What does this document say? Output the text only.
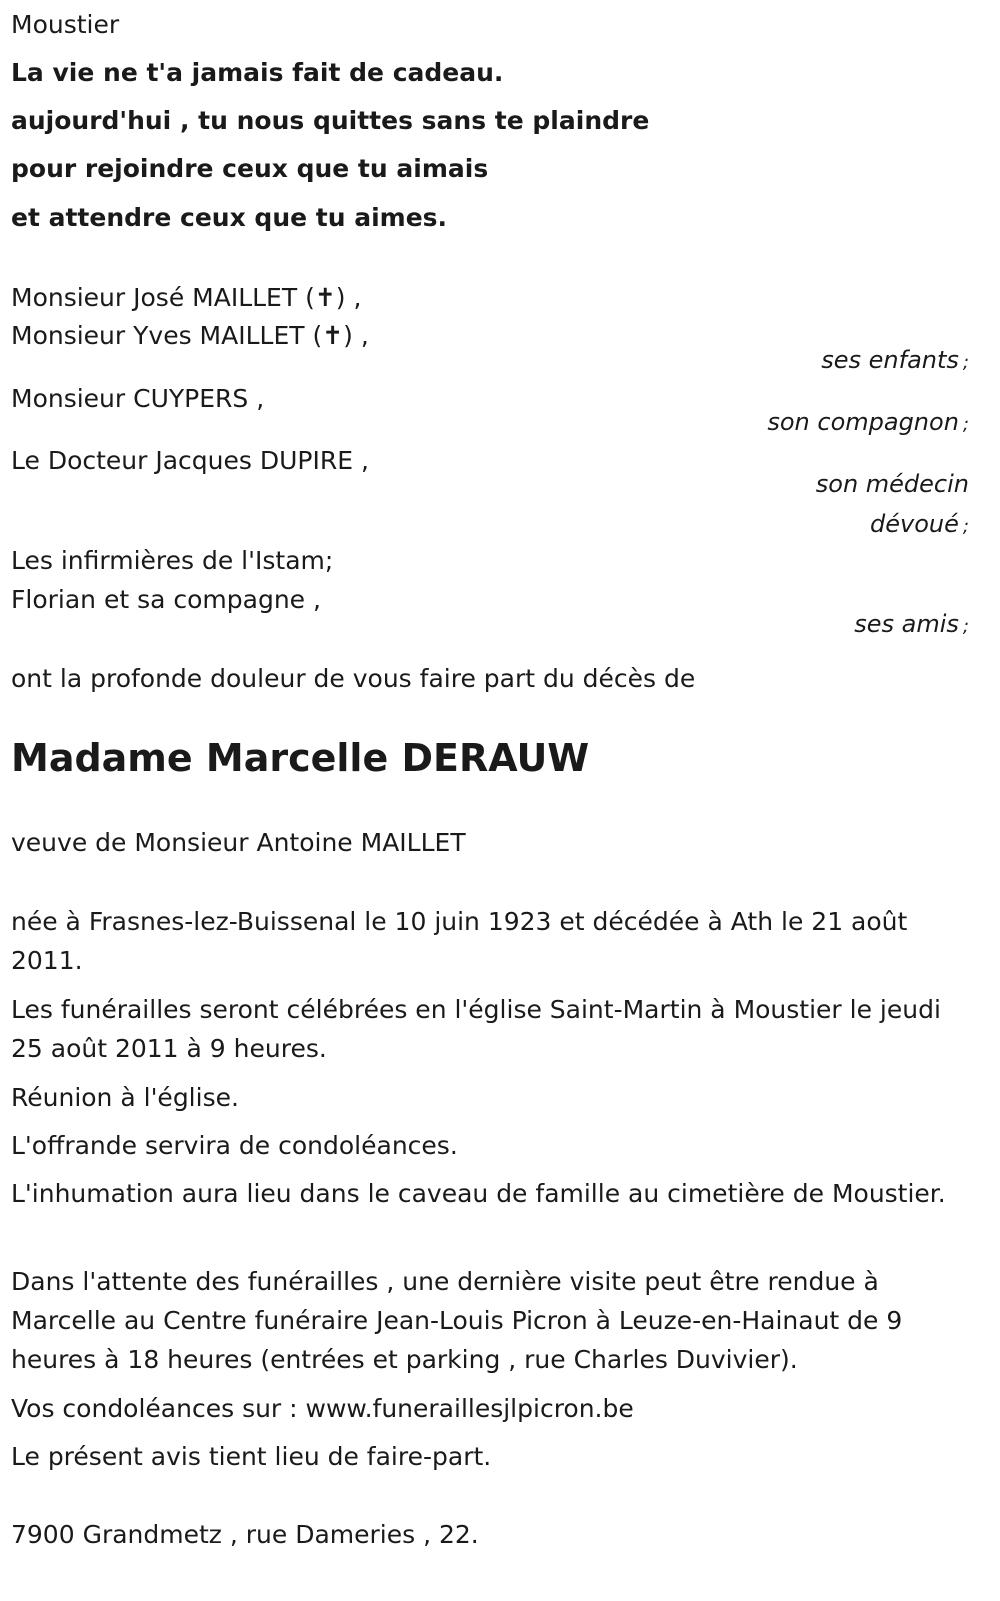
Moustier
La vie ne t'a jamais fait de cadeau.
aujourd'hui , tu nous quittes sans te plaindre
pour rejoindre ceux que tu aimais
et attendre ceux que tu aimes.
Monsieur José MAILLET (✝) ,
Monsieur Yves MAILLET (✝) ,
ses enfants ;
Monsieur CUYPERS ,
son compagnon ;
Le Docteur Jacques DUPIRE ,
son médecin
dévoué ;
Les infirmières de l'Istam;
Florian et sa compagne ,
ses amis ;
ont la profonde douleur de vous faire part du décès de
Madame Marcelle DERAUW
veuve de Monsieur Antoine MAILLET
née à Frasnes-lez-Buissenal le 10 juin 1923 et décédée à Ath le 21 août 2011.
Les funérailles seront célébrées en l'église Saint-Martin à Moustier le jeudi 25 août 2011 à 9 heures.
Réunion à l'église.
L'offrande servira de condoléances.
L'inhumation aura lieu dans le caveau de famille au cimetière de Moustier.
Dans l'attente des funérailles , une dernière visite peut être rendue à Marcelle au Centre funéraire Jean-Louis Picron à Leuze-en-Hainaut de 9 heures à 18 heures (entrées et parking , rue Charles Duvivier).
Vos condoléances sur : www.funeraillesjlpicron.be
Le présent avis tient lieu de faire-part.
7900 Grandmetz , rue Dameries , 22.
